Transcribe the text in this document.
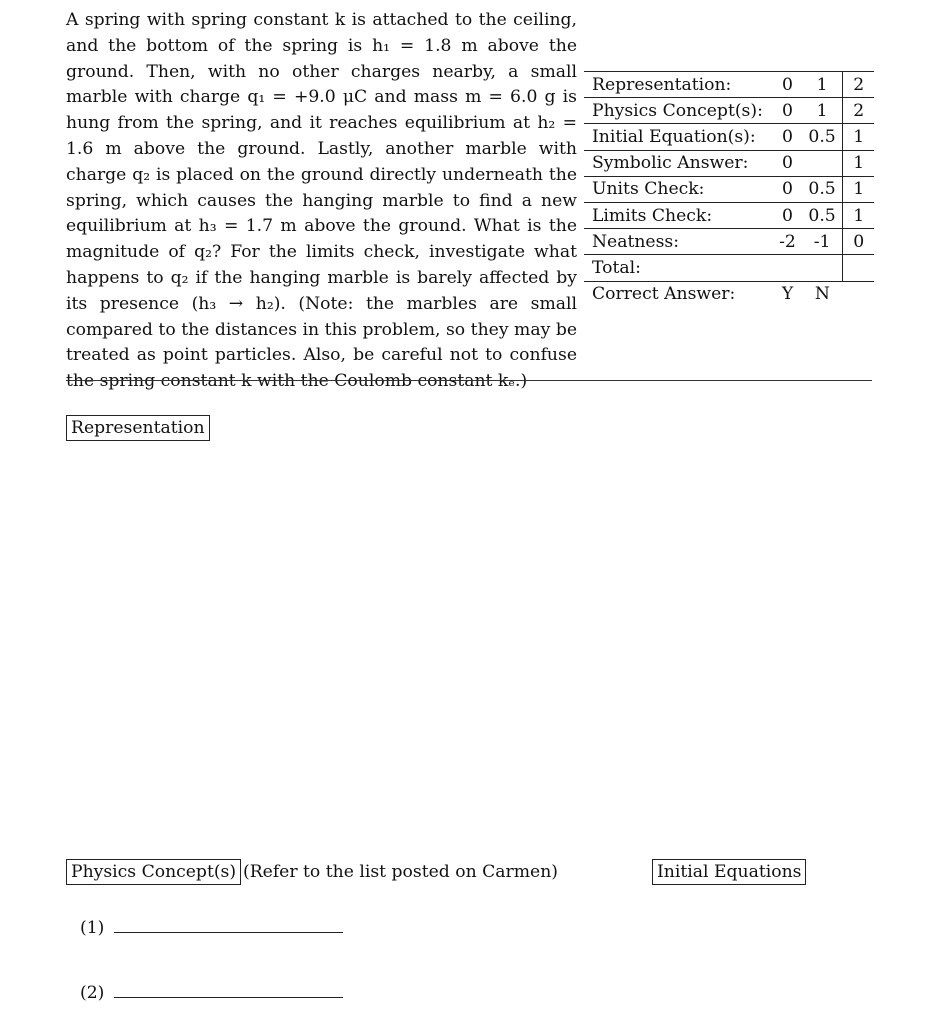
A spring with spring constant k is attached to the ceiling, and the bottom of the spring is h₁ = 1.8 m above the ground. Then, with no other charges nearby, a small marble with charge q₁ = +9.0 μC and mass m = 6.0 g is hung from the spring, and it reaches equilibrium at h₂ = 1.6 m above the ground. Lastly, another marble with charge q₂ is placed on the ground directly underneath the spring, which causes the hanging marble to find a new equilibrium at h₃ = 1.7 m above the ground. What is the magnitude of q₂? For the limits check, investigate what happens to q₂ if the hanging marble is barely affected by its presence (h₃ → h₂). (Note: the marbles are small compared to the distances in this problem, so they may be treated as point particles. Also, be careful not to confuse the spring constant k with the Coulomb constant kₑ.)
Representation:	0	1	2
Physics Concept(s):	0	1	2
Initial Equation(s):	0	0.5	1
Symbolic Answer:	0		1
Units Check:	0	0.5	1
Limits Check:	0	0.5	1
Neatness:	-2	-1	0
Total:			
Correct Answer:	Y	N	
Representation
Physics Concept(s) (Refer to the list posted on Carmen)	Initial Equations
(1)
(2)
